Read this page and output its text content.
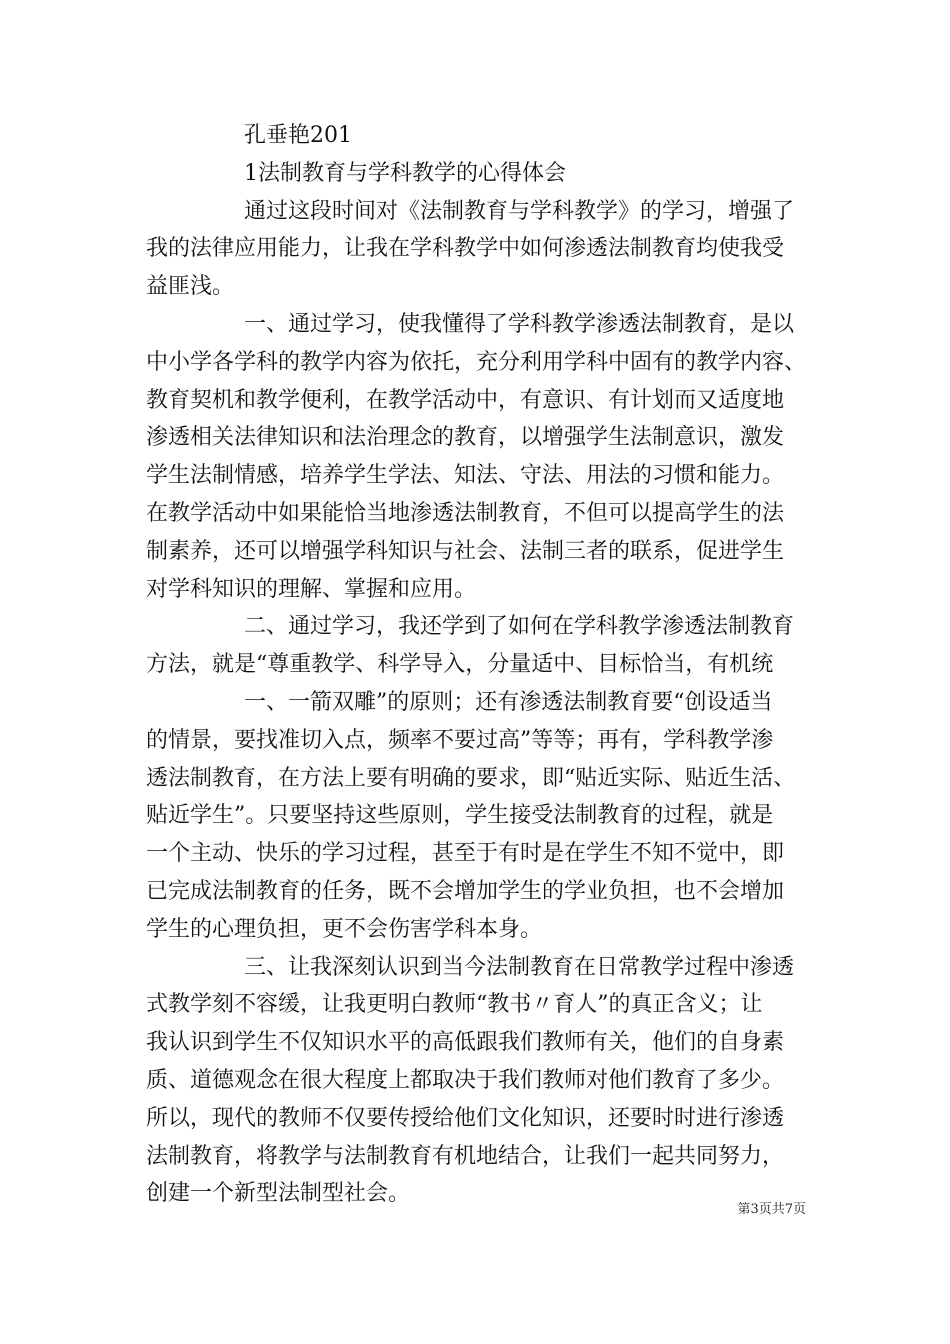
孔垂艳201
1法制教育与学科教学的心得体会
通过这段时间对《法制教育与学科教学》的学习，增强了
我的法律应用能力，让我在学科教学中如何渗透法制教育均使我受
益匪浅。
一、通过学习，使我懂得了学科教学渗透法制教育，是以
中小学各学科的教学内容为依托，充分利用学科中固有的教学内容、
教育契机和教学便利，在教学活动中，有意识、有计划而又适度地
渗透相关法律知识和法治理念的教育，以增强学生法制意识，激发
学生法制情感，培养学生学法、知法、守法、用法的习惯和能力。
在教学活动中如果能恰当地渗透法制教育，不但可以提高学生的法
制素养，还可以增强学科知识与社会、法制三者的联系，促进学生
对学科知识的理解、掌握和应用。
二、通过学习，我还学到了如何在学科教学渗透法制教育
方法，就是“尊重教学、科学导入，分量适中、目标恰当，有机统
一、一箭双雕”的原则；还有渗透法制教育要“创设适当
的情景，要找准切入点，频率不要过高”等等；再有，学科教学渗
透法制教育，在方法上要有明确的要求，即“贴近实际、贴近生活、
贴近学生”。只要坚持这些原则，学生接受法制教育的过程，就是
一个主动、快乐的学习过程，甚至于有时是在学生不知不觉中，即
已完成法制教育的任务，既不会增加学生的学业负担，也不会增加
学生的心理负担，更不会伤害学科本身。
三、让我深刻认识到当今法制教育在日常教学过程中渗透
式教学刻不容缓，让我更明白教师“教书〃育人”的真正含义；让
我认识到学生不仅知识水平的高低跟我们教师有关，他们的自身素
质、道德观念在很大程度上都取决于我们教师对他们教育了多少。
所以，现代的教师不仅要传授给他们文化知识，还要时时进行渗透
法制教育，将教学与法制教育有机地结合，让我们一起共同努力，
创建一个新型法制型社会。
第3页共7页
